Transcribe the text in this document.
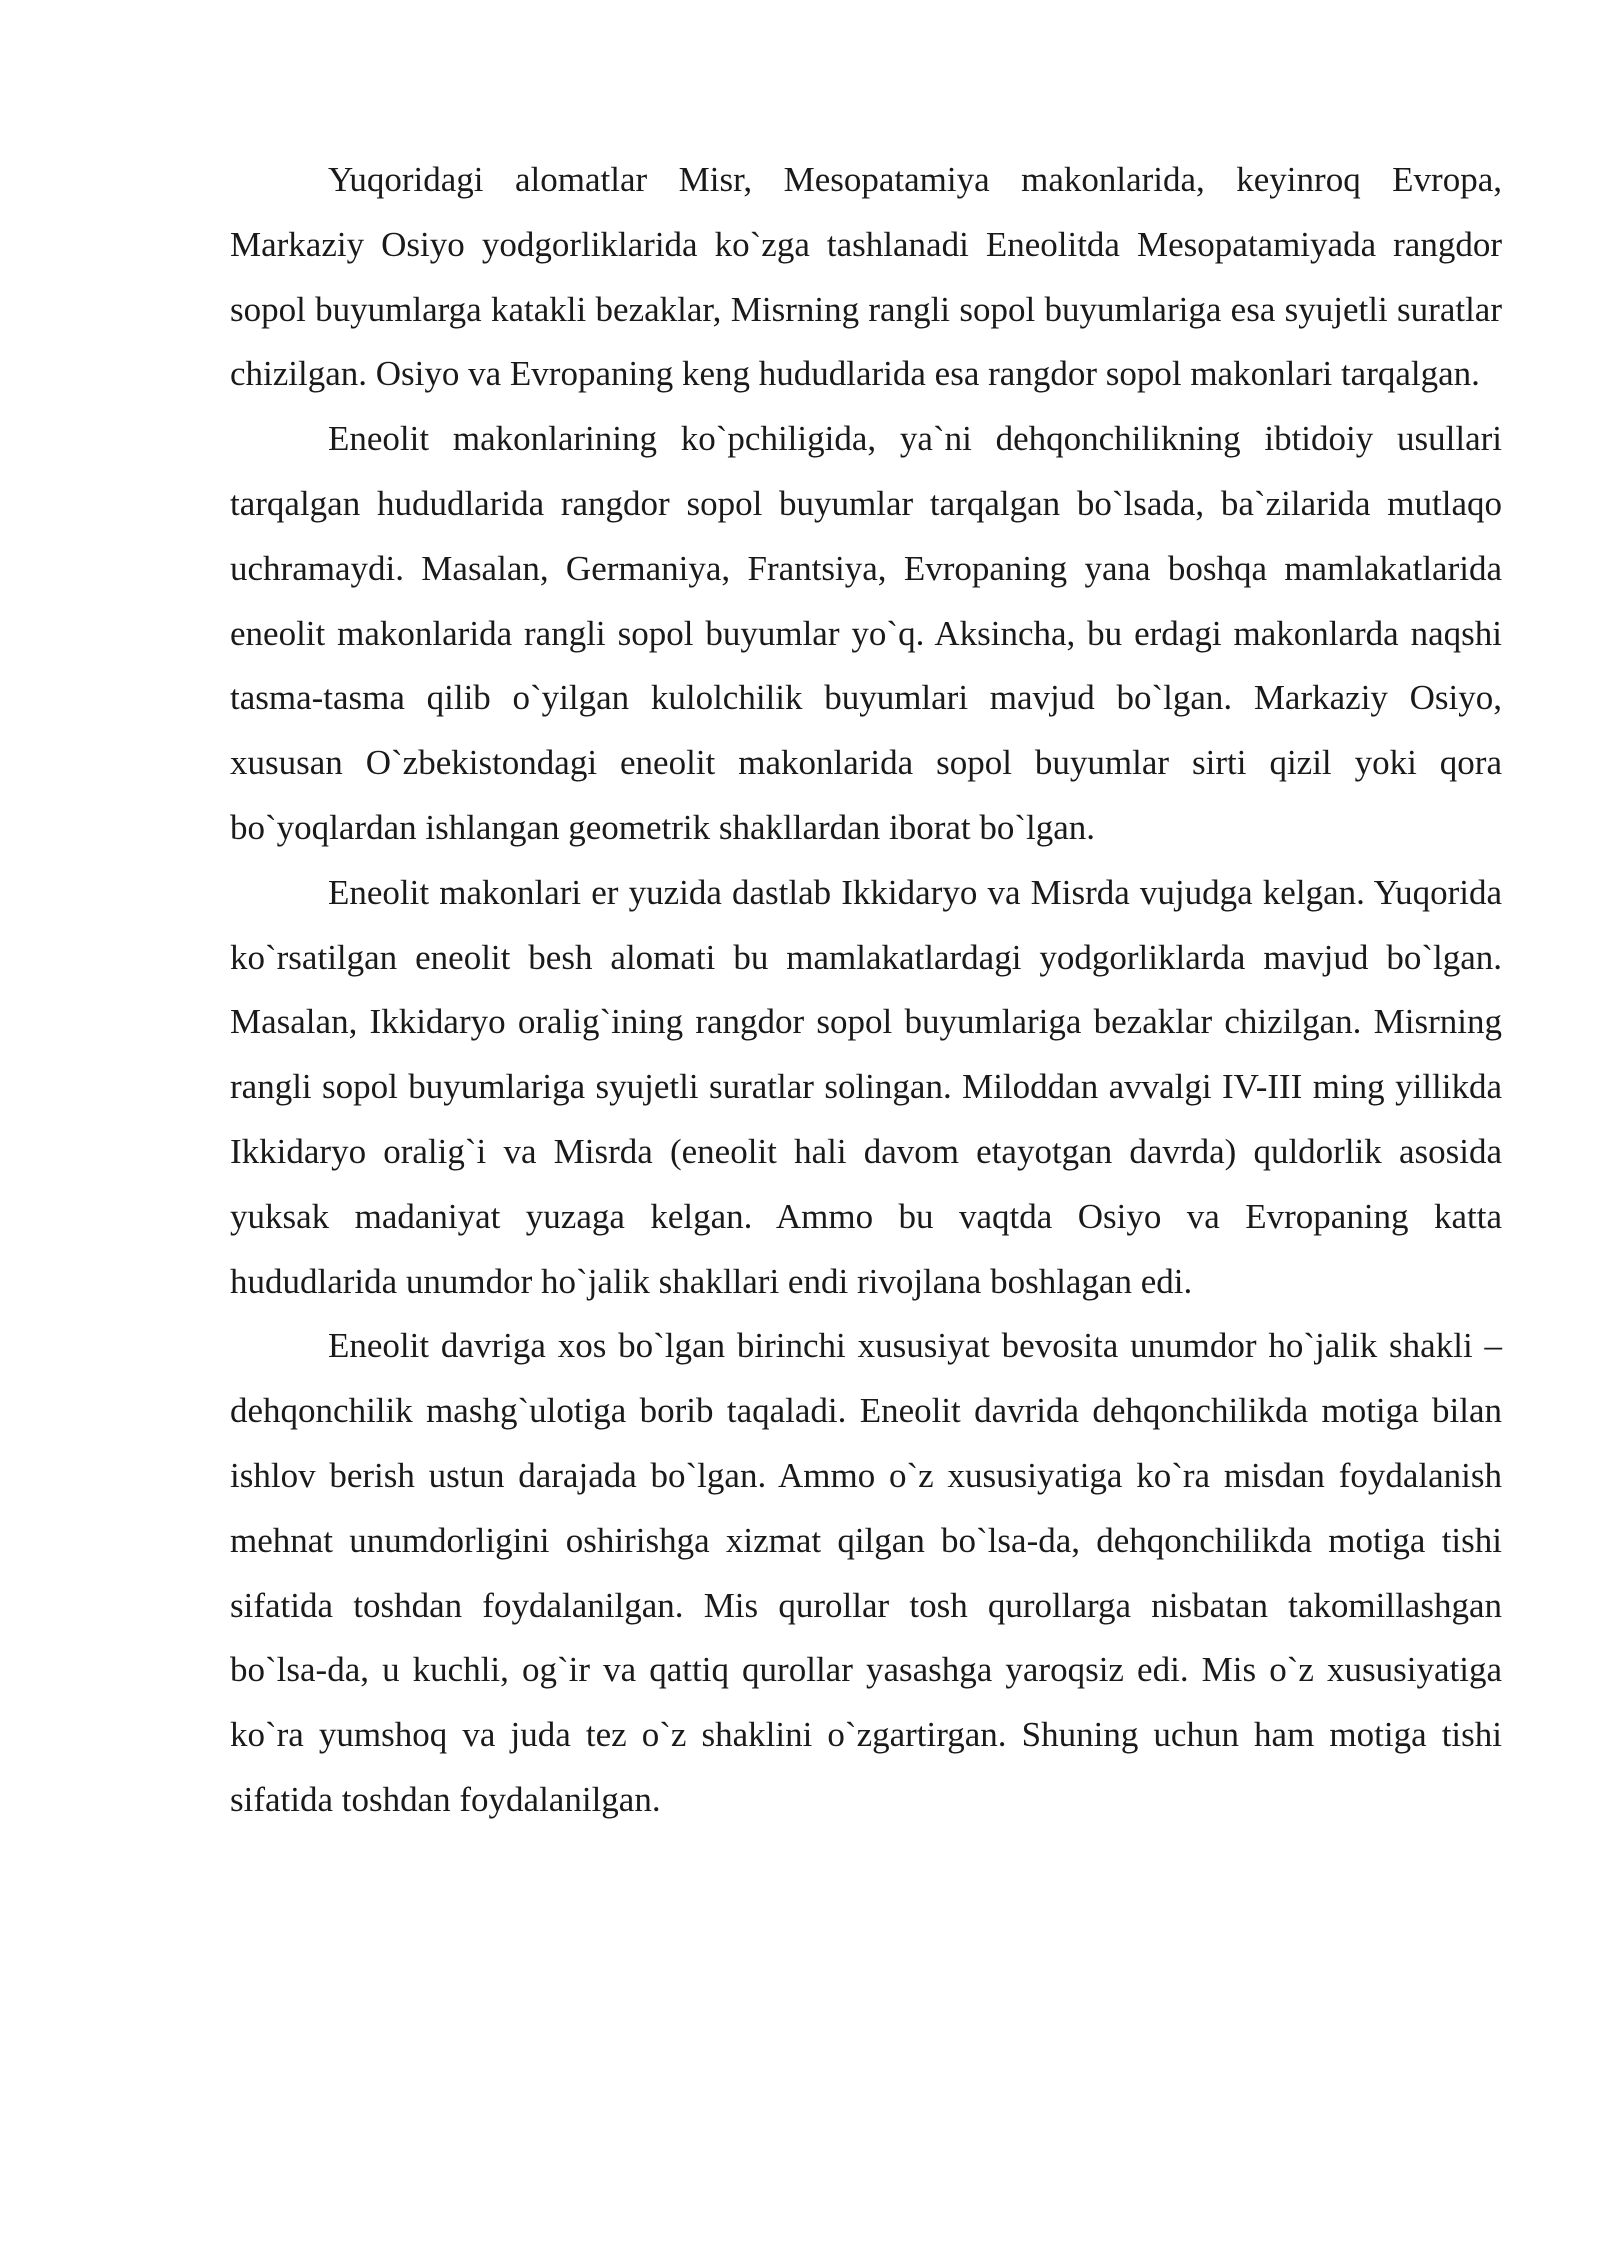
Yuqoridagi alomatlar Misr, Mesopatamiya makonlarida, keyinroq Evropa, Markaziy Osiyo yodgorliklarida ko`zga tashlanadi Eneolitda Mesopatamiyada rangdor sopol buyumlarga katakli bezaklar, Misrning rangli sopol buyumlariga esa syujetli suratlar chizilgan. Osiyo va Evropaning keng hududlarida esa rangdor sopol makonlari tarqalgan.

Eneolit makonlarining ko`pchiligida, ya`ni dehqonchilikning ibtidoiy usullari tarqalgan hududlarida rangdor sopol buyumlar tarqalgan bo`lsada, ba`zilarida mutlaqo uchramaydi. Masalan, Germaniya, Frantsiya, Evropaning yana boshqa mamlakatlarida eneolit makonlarida rangli sopol buyumlar yo`q. Aksincha, bu erdagi makonlarda naqshi tasma-tasma qilib o`yilgan kulolchilik buyumlari mavjud bo`lgan. Markaziy Osiyo, xususan O`zbekistondagi eneolit makonlarida sopol buyumlar sirti qizil yoki qora bo`yoqlardan ishlangan geometrik shakllardan iborat bo`lgan.

Eneolit makonlari er yuzida dastlab Ikkidaryo va Misrda vujudga kelgan. Yuqorida ko`rsatilgan eneolit besh alomati bu mamlakatlardagi yodgorliklarda mavjud bo`lgan. Masalan, Ikkidaryo oralig`ining rangdor sopol buyumlariga bezaklar chizilgan. Misrning rangli sopol buyumlariga syujetli suratlar solingan. Miloddan avvalgi IV-III ming yillikda Ikkidaryo oralig`i va Misrda (eneolit hali davom etayotgan davrda) quldorlik asosida yuksak madaniyat yuzaga kelgan. Ammo bu vaqtda Osiyo va Evropaning katta hududlarida unumdor ho`jalik shakllari endi rivojlana boshlagan edi.

Eneolit davriga xos bo`lgan birinchi xususiyat bevosita unumdor ho`jalik shakli – dehqonchilik mashg`ulotiga borib taqaladi. Eneolit davrida dehqonchilikda motiga bilan ishlov berish ustun darajada bo`lgan. Ammo o`z xususiyatiga ko`ra misdan foydalanish mehnat unumdorligini oshirishga xizmat qilgan bo`lsa-da, dehqonchilikda motiga tishi sifatida toshdan foydalanilgan. Mis qurollar tosh qurollarga nisbatan takomillashgan bo`lsa-da, u kuchli, og`ir va qattiq qurollar yasashga yaroqsiz edi. Mis o`z xususiyatiga ko`ra yumshoq va juda tez o`z shaklini o`zgartirgan. Shuning uchun ham motiga tishi sifatida toshdan foydalanilgan.
